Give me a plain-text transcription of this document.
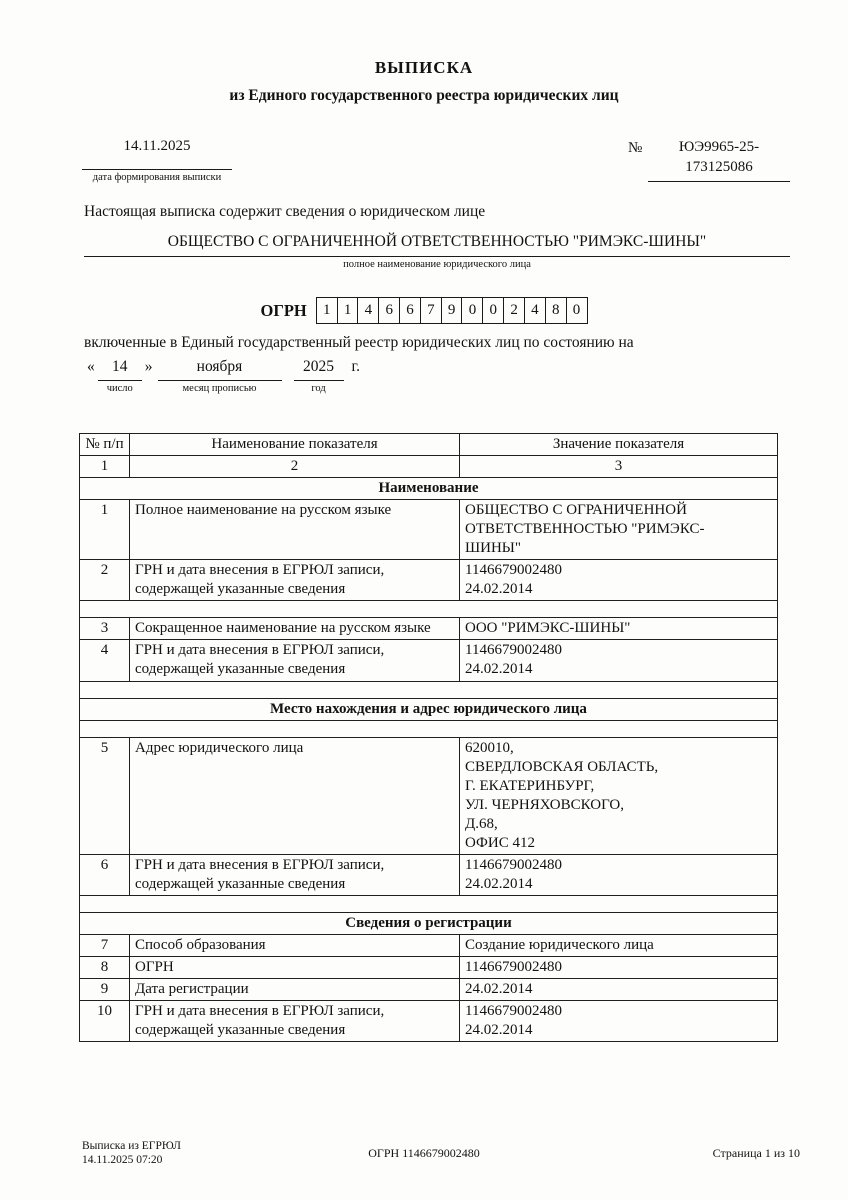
ВЫПИСКА
из Единого государственного реестра юридических лиц
14.11.2025
дата формирования выписки
№	ЮЭ9965-25-
173125086
Настоящая выписка содержит сведения о юридическом лице
ОБЩЕСТВО С ОГРАНИЧЕННОЙ ОТВЕТСТВЕННОСТЬЮ "РИМЭКС-ШИНЫ"
полное наименование юридического лица
ОГРН	1 1 4 6 6 7 9 0 0 2 4 8 0
включенные в Единый государственный реестр юридических лиц по состоянию на
«	14
число
»	ноября
месяц прописью
2025
год
г.
№ п/п	Наименование показателя	Значение показателя
1	2	3
Наименование		
1	Полное наименование на русском языке	ОБЩЕСТВО С ОГРАНИЧЕННОЙ
ОТВЕТСТВЕННОСТЬЮ "РИМЭКС-
ШИНЫ"

2	ГРН и дата внесения в ЕГРЮЛ записи, содержащей указанные сведения	1146679002480
24.02.2014

3	Сокращенное наименование на русском языке	ООО "РИМЭКС-ШИНЫ"

4	ГРН и дата внесения в ЕГРЮЛ записи, содержащей указанные сведения	1146679002480
24.02.2014

Место нахождения и адрес юридического лица		

5	Адрес юридического лица	620010,
СВЕРДЛОВСКАЯ ОБЛАСТЬ,
Г. ЕКАТЕРИНБУРГ,
УЛ. ЧЕРНЯХОВСКОГО,
Д.68,
ОФИС 412

6	ГРН и дата внесения в ЕГРЮЛ записи, содержащей указанные сведения	1146679002480
24.02.2014

Сведения о регистрации		
7	Способ образования	Создание юридического лица

8	ОГРН	1146679002480

9	Дата регистрации	24.02.2014

10	ГРН и дата внесения в ЕГРЮЛ записи, содержащей указанные сведения	1146679002480
24.02.2014
Выписка из ЕГРЮЛ
14.11.2025 07:20
ОГРН 1146679002480	Страница 1 из 10
